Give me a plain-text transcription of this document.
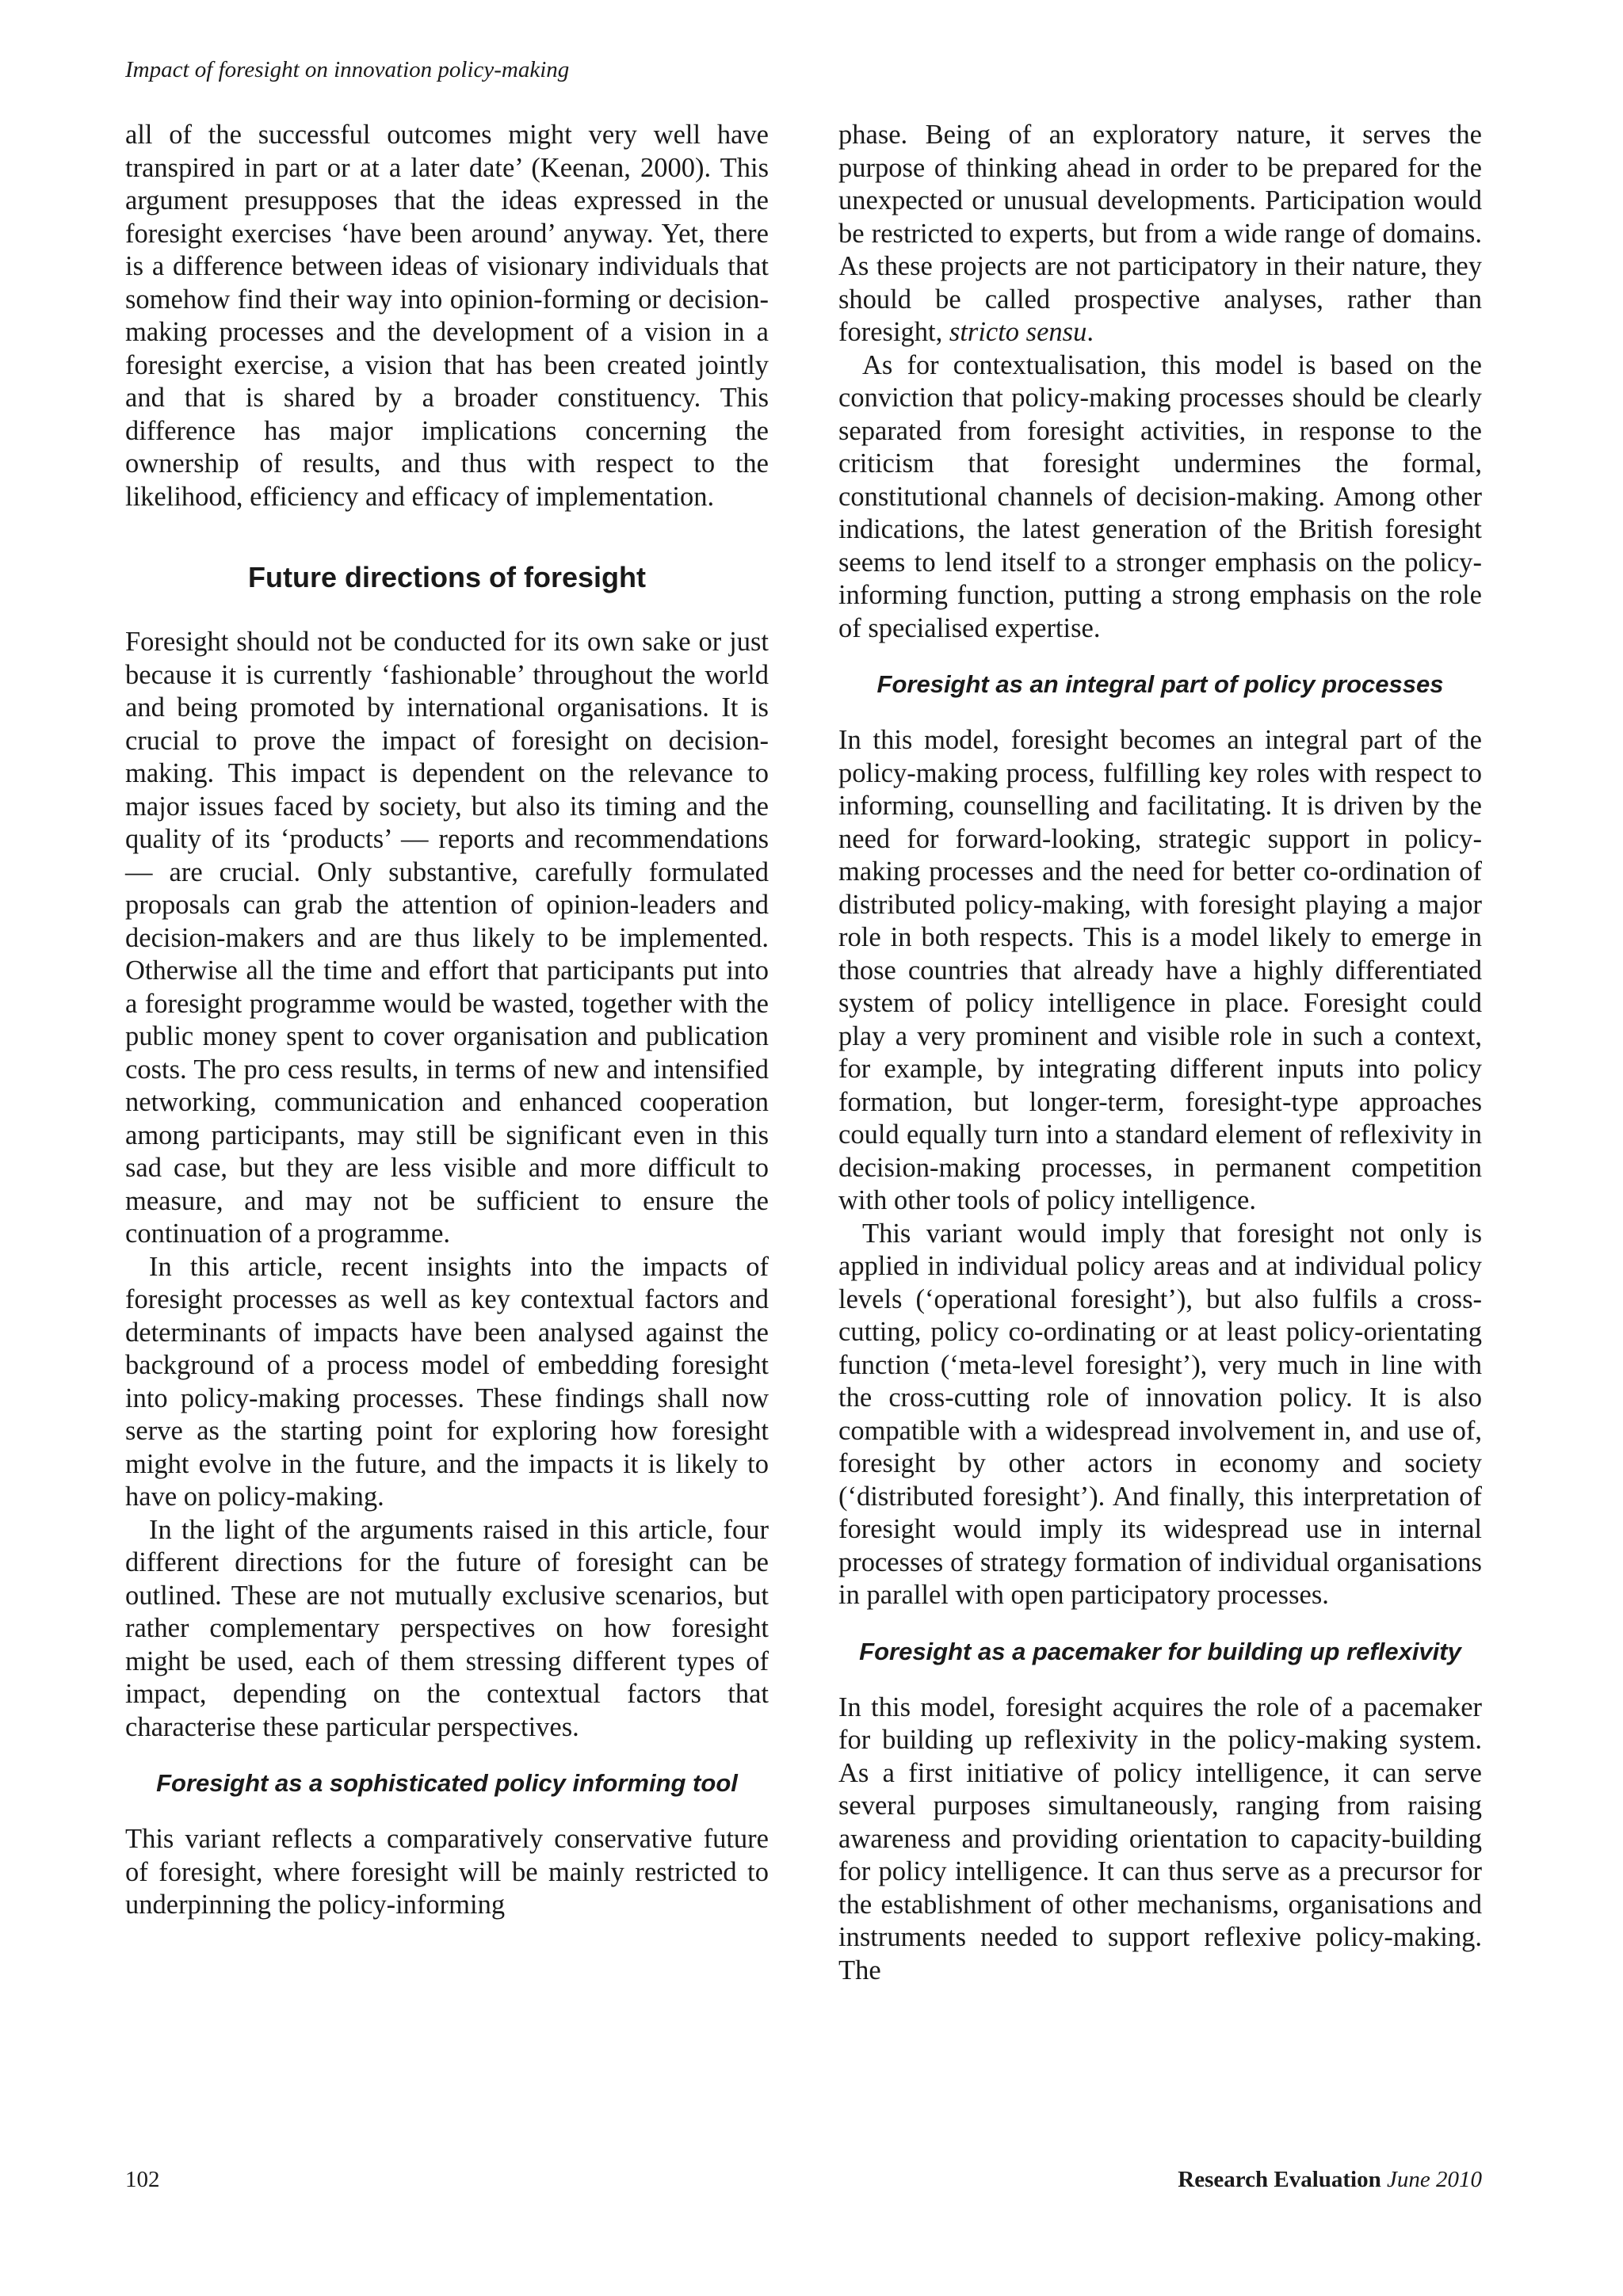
Impact of foresight on innovation policy-making

all of the successful outcomes might very well have transpired in part or at a later date’ (Keenan, 2000). This argument presupposes that the ideas expressed in the foresight exercises ‘have been around’ anyway. Yet, there is a difference between ideas of visionary individuals that somehow find their way into opinion-forming or decision-making processes and the development of a vision in a foresight exercise, a vision that has been created jointly and that is shared by a broader constituency. This difference has major implications concerning the ownership of results, and thus with respect to the likelihood, efficiency and efficacy of implementation.

Future directions of foresight

Foresight should not be conducted for its own sake or just because it is currently ‘fashionable’ throughout the world and being promoted by international organisations. It is crucial to prove the impact of foresight on decision-making. This impact is dependent on the relevance to major issues faced by society, but also its timing and the quality of its ‘products’ — reports and recommendations — are crucial. Only substantive, carefully formulated proposals can grab the attention of opinion-leaders and decision-makers and are thus likely to be implemented. Otherwise all the time and effort that participants put into a foresight programme would be wasted, together with the public money spent to cover organisation and publication costs. The pro cess results, in terms of new and intensified networking, communication and enhanced cooperation among participants, may still be significant even in this sad case, but they are less visible and more difficult to measure, and may not be sufficient to ensure the continuation of a programme.

In this article, recent insights into the impacts of foresight processes as well as key contextual factors and determinants of impacts have been analysed against the background of a process model of embedding foresight into policy-making processes. These findings shall now serve as the starting point for exploring how foresight might evolve in the future, and the impacts it is likely to have on policy-making.

In the light of the arguments raised in this article, four different directions for the future of foresight can be outlined. These are not mutually exclusive scenarios, but rather complementary perspectives on how foresight might be used, each of them stressing different types of impact, depending on the contextual factors that characterise these particular perspectives.

Foresight as a sophisticated policy informing tool

This variant reflects a comparatively conservative future of foresight, where foresight will be mainly restricted to underpinning the policy-informing

phase. Being of an exploratory nature, it serves the purpose of thinking ahead in order to be prepared for the unexpected or unusual developments. Participation would be restricted to experts, but from a wide range of domains. As these projects are not participatory in their nature, they should be called prospective analyses, rather than foresight, stricto sensu.

As for contextualisation, this model is based on the conviction that policy-making processes should be clearly separated from foresight activities, in response to the criticism that foresight undermines the formal, constitutional channels of decision-making. Among other indications, the latest generation of the British foresight seems to lend itself to a stronger emphasis on the policy-informing function, putting a strong emphasis on the role of specialised expertise.

Foresight as an integral part of policy processes

In this model, foresight becomes an integral part of the policy-making process, fulfilling key roles with respect to informing, counselling and facilitating. It is driven by the need for forward-looking, strategic support in policy-making processes and the need for better co-ordination of distributed policy-making, with foresight playing a major role in both respects. This is a model likely to emerge in those countries that already have a highly differentiated system of policy intelligence in place. Foresight could play a very prominent and visible role in such a context, for example, by integrating different inputs into policy formation, but longer-term, foresight-type approaches could equally turn into a standard element of reflexivity in decision-making processes, in permanent competition with other tools of policy intelligence.

This variant would imply that foresight not only is applied in individual policy areas and at individual policy levels (‘operational foresight’), but also fulfils a cross-cutting, policy co-ordinating or at least policy-orientating function (‘meta-level foresight’), very much in line with the cross-cutting role of innovation policy. It is also compatible with a widespread involvement in, and use of, foresight by other actors in economy and society (‘distributed foresight’). And finally, this interpretation of foresight would imply its widespread use in internal processes of strategy formation of individual organisations in parallel with open participatory processes.

Foresight as a pacemaker for building up reflexivity

In this model, foresight acquires the role of a pacemaker for building up reflexivity in the policy-making system. As a first initiative of policy intelligence, it can serve several purposes simultaneously, ranging from raising awareness and providing orientation to capacity-building for policy intelligence. It can thus serve as a precursor for the establishment of other mechanisms, organisations and instruments needed to support reflexive policy-making. The

102	Research Evaluation June 2010
